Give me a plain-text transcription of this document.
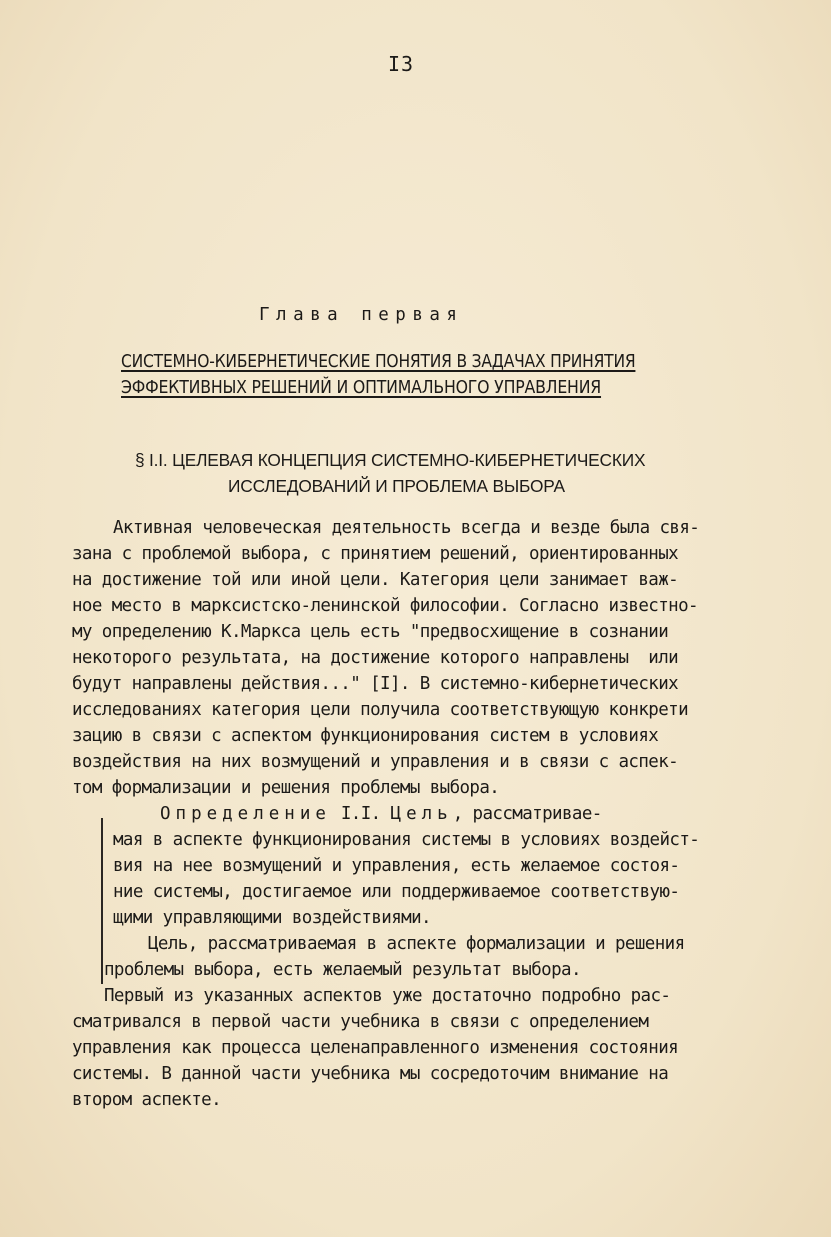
I3
Глава первая
СИСТЕМНО-КИБЕРНЕТИЧЕСКИЕ ПОНЯТИЯ В ЗАДАЧАХ ПРИНЯТИЯ
ЭФФЕКТИВНЫХ РЕШЕНИЙ И ОПТИМАЛЬНОГО УПРАВЛЕНИЯ
§ I.I. ЦЕЛЕВАЯ КОНЦЕПЦИЯ СИСТЕМНО-КИБЕРНЕТИЧЕСКИХ
ИССЛЕДОВАНИЙ И ПРОБЛЕМА ВЫБОРА
Активная человеческая деятельность всегда и везде была свя-
зана с проблемой выбора, с принятием решений, ориентированных
на достижение той или иной цели. Категория цели занимает важ-
ное место в марксистско-ленинской философии. Согласно известно-
му определению К.Маркса цель есть "предвосхищение в сознании
некоторого результата, на достижение которого направлены  или
будут направлены действия..." [I]. В системно-кибернетических
исследованиях категория цели получила соответствующую конкрети
зацию в связи с аспектом функционирования систем в условиях
воздействия на них возмущений и управления и в связи с аспек-
том формализации и решения проблемы выбора.
Определение I.I. Цель, рассматривае-
мая в аспекте функционирования системы в условиях воздейст-
вия на нее возмущений и управления, есть желаемое состоя-
ние системы, достигаемое или поддерживаемое соответствую-
щими управляющими воздействиями.
Цель, рассматриваемая в аспекте формализации и решения
проблемы выбора, есть желаемый результат выбора.
Первый из указанных аспектов уже достаточно подробно рас-
сматривался в первой части учебника в связи с определением
управления как процесса целенаправленного изменения состояния
системы. В данной части учебника мы сосредоточим внимание на
втором аспекте.
